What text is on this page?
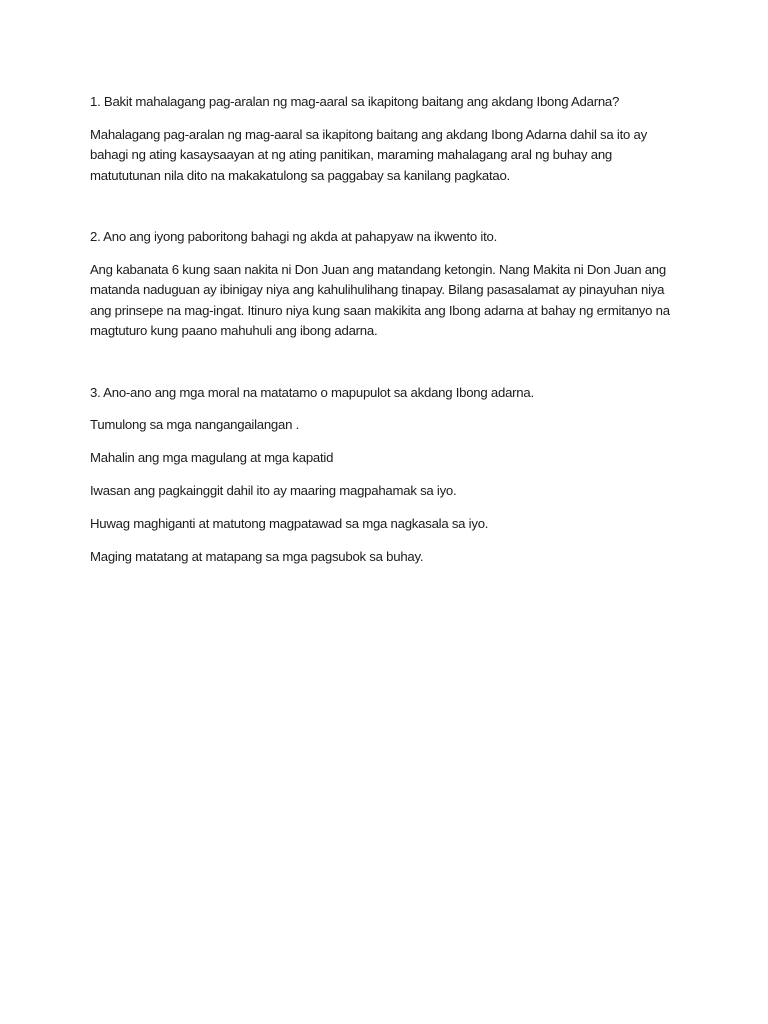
1. Bakit mahalagang pag-aralan ng mag-aaral sa ikapitong baitang ang akdang Ibong Adarna?

Mahalagang pag-aralan ng mag-aaral sa ikapitong baitang ang akdang Ibong Adarna dahil sa ito ay

bahagi ng ating kasaysaayan at ng ating panitikan, maraming mahalagang aral ng buhay ang

matututunan nila dito na makakatulong sa paggabay sa kanilang pagkatao.

2. Ano ang iyong paboritong bahagi ng akda at pahapyaw na ikwento ito.

Ang kabanata 6 kung saan nakita ni Don Juan ang matandang ketongin. Nang Makita ni Don Juan ang

matanda naduguan ay ibinigay niya ang kahulihulihang tinapay. Bilang pasasalamat ay pinayuhan niya

ang prinsepe na mag-ingat. Itinuro niya kung saan makikita ang Ibong adarna at bahay ng ermitanyo na

magtuturo kung paano mahuhuli ang ibong adarna.

3. Ano-ano ang mga moral na matatamo o mapupulot sa akdang Ibong adarna.

Tumulong sa mga nangangailangan .

Mahalin ang mga magulang at mga kapatid

Iwasan ang pagkainggit dahil ito ay maaring magpahamak sa iyo.

Huwag maghiganti at matutong magpatawad sa mga nagkasala sa iyo.

Maging matatang at matapang sa mga pagsubok sa buhay.
